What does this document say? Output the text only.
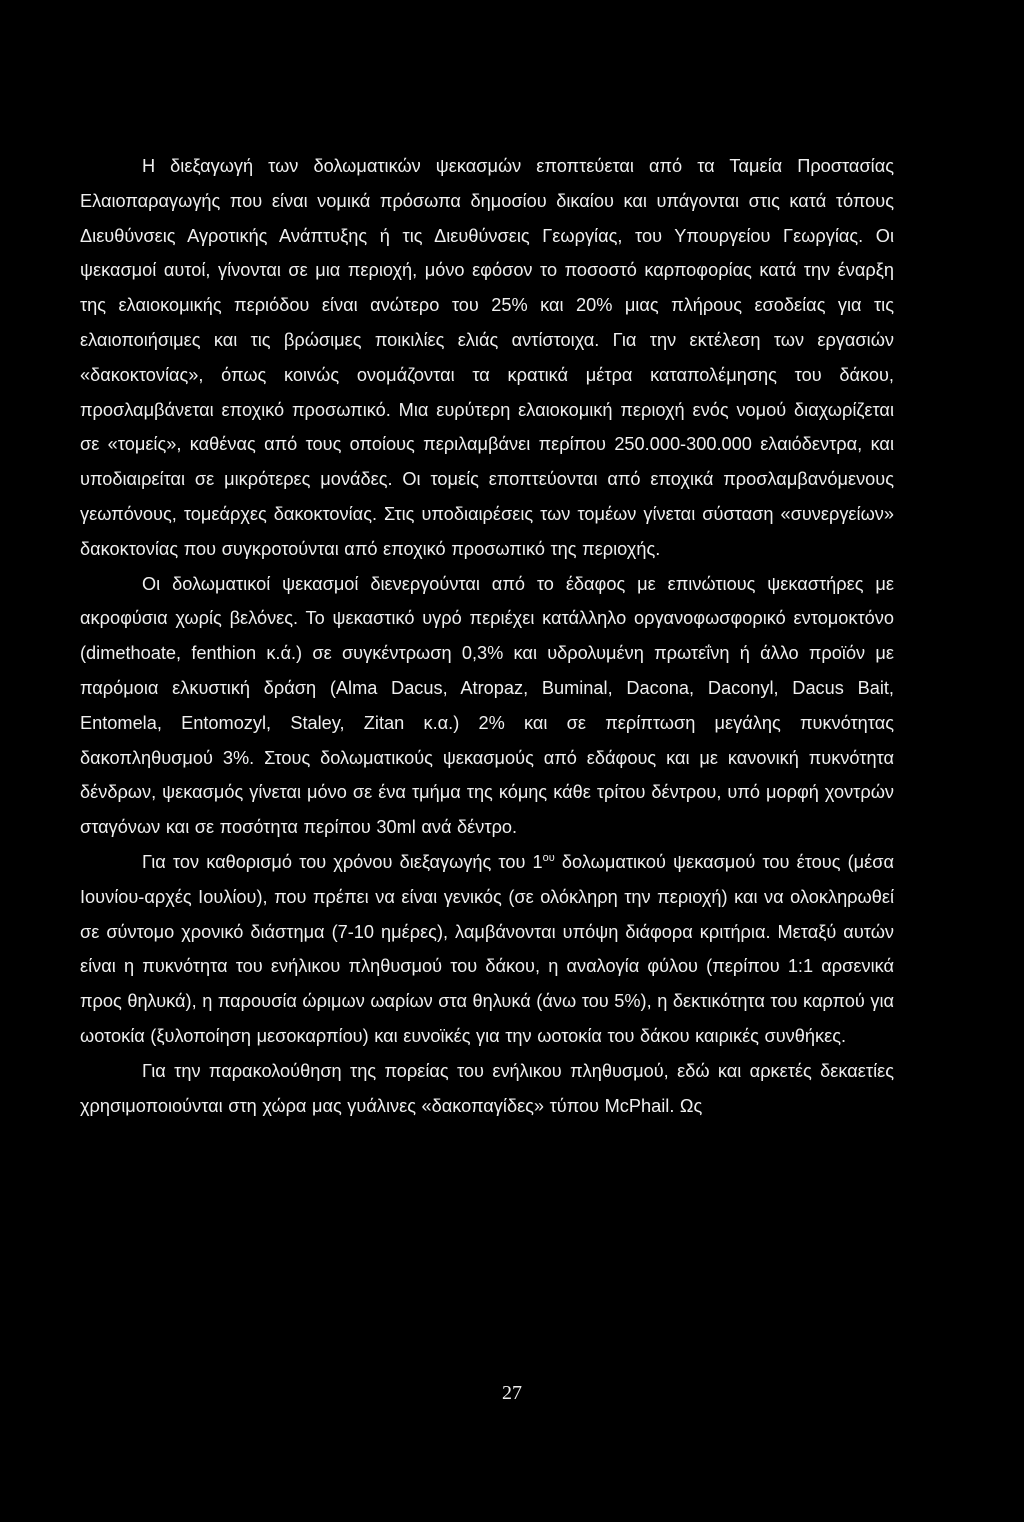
Η διεξαγωγή των δολωματικών ψεκασμών εποπτεύεται από τα Ταμεία Προστασίας Ελαιοπαραγωγής που είναι νομικά πρόσωπα δημοσίου δικαίου και υπάγονται στις κατά τόπους Διευθύνσεις Αγροτικής Ανάπτυξης ή τις Διευθύνσεις Γεωργίας, του Υπουργείου Γεωργίας. Οι ψεκασμοί αυτοί, γίνονται σε μια περιοχή, μόνο εφόσον το ποσοστό καρποφορίας κατά την έναρξη της ελαιοκομικής περιόδου είναι ανώτερο του 25% και 20% μιας πλήρους εσοδείας για τις ελαιοποιήσιμες και τις βρώσιμες ποικιλίες ελιάς αντίστοιχα. Για την εκτέλεση των εργασιών «δακοκτονίας», όπως κοινώς ονομάζονται τα κρατικά μέτρα καταπολέμησης του δάκου, προσλαμβάνεται εποχικό προσωπικό. Μια ευρύτερη ελαιοκομική περιοχή ενός νομού διαχωρίζεται σε «τομείς», καθένας από τους οποίους περιλαμβάνει περίπου 250.000-300.000 ελαιόδεντρα, και υποδιαιρείται σε μικρότερες μονάδες. Οι τομείς εποπτεύονται από εποχικά προσλαμβανόμενους γεωπόνους, τομεάρχες δακοκτονίας. Στις υποδιαιρέσεις των τομέων γίνεται σύσταση «συνεργείων» δακοκτονίας που συγκροτούνται από εποχικό προσωπικό της περιοχής.

Οι δολωματικοί ψεκασμοί διενεργούνται από το έδαφος με επινώτιους ψεκαστήρες με ακροφύσια χωρίς βελόνες. Το ψεκαστικό υγρό περιέχει κατάλληλο οργανοφωσφορικό εντομοκτόνο (dimethoate, fenthion κ.ά.) σε συγκέντρωση 0,3% και υδρολυμένη πρωτεΐνη ή άλλο προϊόν με παρόμοια ελκυστική δράση (Alma Dacus, Atropaz, Buminal, Dacona, Daconyl, Dacus Bait, Entomela, Entomozyl, Staley, Zitan κ.α.) 2% και σε περίπτωση μεγάλης πυκνότητας δακοπληθυσμού 3%. Στους δολωματικούς ψεκασμούς από εδάφους και με κανονική πυκνότητα δένδρων, ψεκασμός γίνεται μόνο σε ένα τμήμα της κόμης κάθε τρίτου δέντρου, υπό μορφή χοντρών σταγόνων και σε ποσότητα περίπου 30ml ανά δέντρο.

Για τον καθορισμό του χρόνου διεξαγωγής του $1^{o\upsilon}$ δολωματικού ψεκασμού του έτους (μέσα Ιουνίου-αρχές Ιουλίου), που πρέπει να είναι γενικός (σε ολόκληρη την περιοχή) και να ολοκληρωθεί σε σύντομο χρονικό διάστημα (7-10 ημέρες), λαμβάνονται υπόψη διάφορα κριτήρια. Μεταξύ αυτών είναι η πυκνότητα του ενήλικου πληθυσμού του δάκου, η αναλογία φύλου (περίπου 1:1 αρσενικά προς θηλυκά), η παρουσία ώριμων ωαρίων στα θηλυκά (άνω του 5%), η δεκτικότητα του καρπού για ωοτοκία (ξυλοποίηση μεσοκαρπίου) και ευνοϊκές για την ωοτοκία του δάκου καιρικές συνθήκες.

Για την παρακολούθηση της πορείας του ενήλικου πληθυσμού, εδώ και αρκετές δεκαετίες χρησιμοποιούνται στη χώρα μας γυάλινες «δακοπαγίδες» τύπου McPhail. Ως

27
